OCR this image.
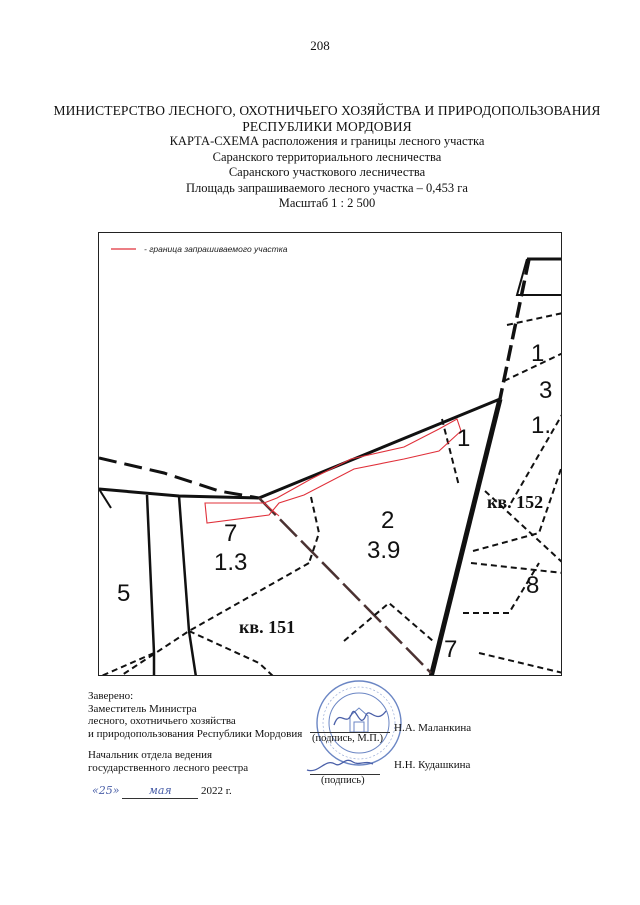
208
МИНИСТЕРСТВО ЛЕСНОГО, ОХОТНИЧЬЕГО ХОЗЯЙСТВА И ПРИРОДОПОЛЬЗОВАНИЯ
РЕСПУБЛИКИ МОРДОВИЯ
КАРТА-СХЕМА расположения и границы лесного участка
Саранского территориального лесничества
Саранского участкового лесничества
Площадь запрашиваемого лесного участка – 0,453 га
Масштаб 1 : 2 500
- граница запрашиваемого участка
7
1.3
2
3.9
5
1
1
3
1.
8
7
кв. 151
кв. 152
Заверено:
Заместитель Министра
лесного, охотничьего хозяйства
и природопользования Республики Мордовия (подпись, М.П.)
Н.А. Маланкина
Начальник отдела ведения
государственного лесного реестра
(подпись)
Н.Н. Кудашкина
«25»	мая	2022 г.
